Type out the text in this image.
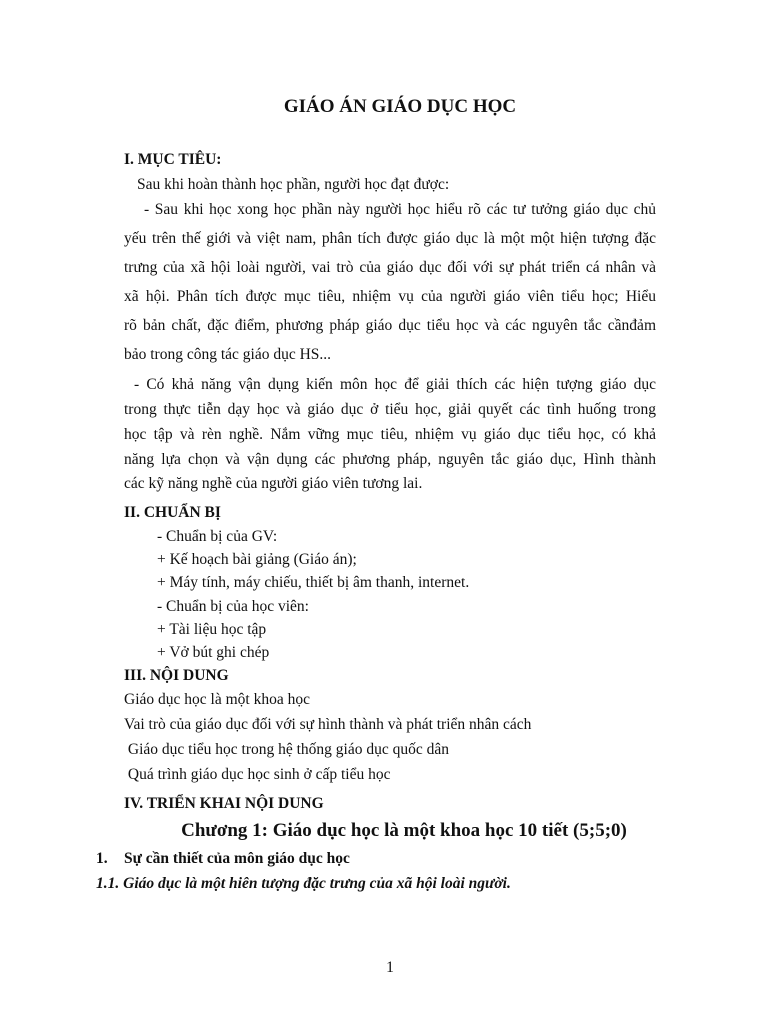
GIÁO ÁN GIÁO DỤC HỌC
I. MỤC TIÊU:
Sau khi hoàn thành học phần, người học đạt được:
- Sau khi học xong học phần này người học hiểu rõ các tư tưởng giáo dục chủ
yếu trên thế giới và việt nam, phân tích được giáo dục là một một hiện tượng đặc
trưng của xã hội loài người, vai trò của giáo dục đối với sự phát triển cá nhân và
xã hội. Phân tích được mục tiêu, nhiệm vụ của người giáo viên tiểu học; Hiểu
rõ bản chất, đặc điểm, phương pháp giáo dục tiểu học và các nguyên tắc cầnđảm
bảo trong công tác giáo dục HS...
- Có khả năng vận dụng kiến môn học để giải thích các hiện tượng giáo dục
trong thực tiễn dạy học và giáo dục ở tiểu học, giải quyết các tình huống trong
học tập và rèn nghề. Nắm vững mục tiêu, nhiệm vụ giáo dục tiểu học, có khả
năng lựa chọn và vận dụng các phương pháp, nguyên tắc giáo dục, Hình thành
các kỹ năng nghề của người giáo viên tương lai.
II. CHUẨN BỊ
- Chuẩn bị của GV:
+ Kế hoạch bài giảng (Giáo án);
+ Máy tính, máy chiếu, thiết bị âm thanh, internet.
- Chuẩn bị của học viên:
+ Tài liệu học tập
+ Vở bút ghi chép
III. NỘI DUNG
Giáo dục học là một khoa học
Vai trò của giáo dục đối với sự hình thành và phát triển nhân cách
Giáo dục tiểu học trong hệ thống giáo dục quốc dân
Quá trình giáo dục học sinh ở cấp tiểu học
IV. TRIỂN KHAI NỘI DUNG
Chương 1: Giáo dục học là một khoa học 10 tiết (5;5;0)
1. Sự cần thiết của môn giáo dục học
1.1. Giáo dục là một hiên tượng đặc trưng của xã hội loài người.
1
